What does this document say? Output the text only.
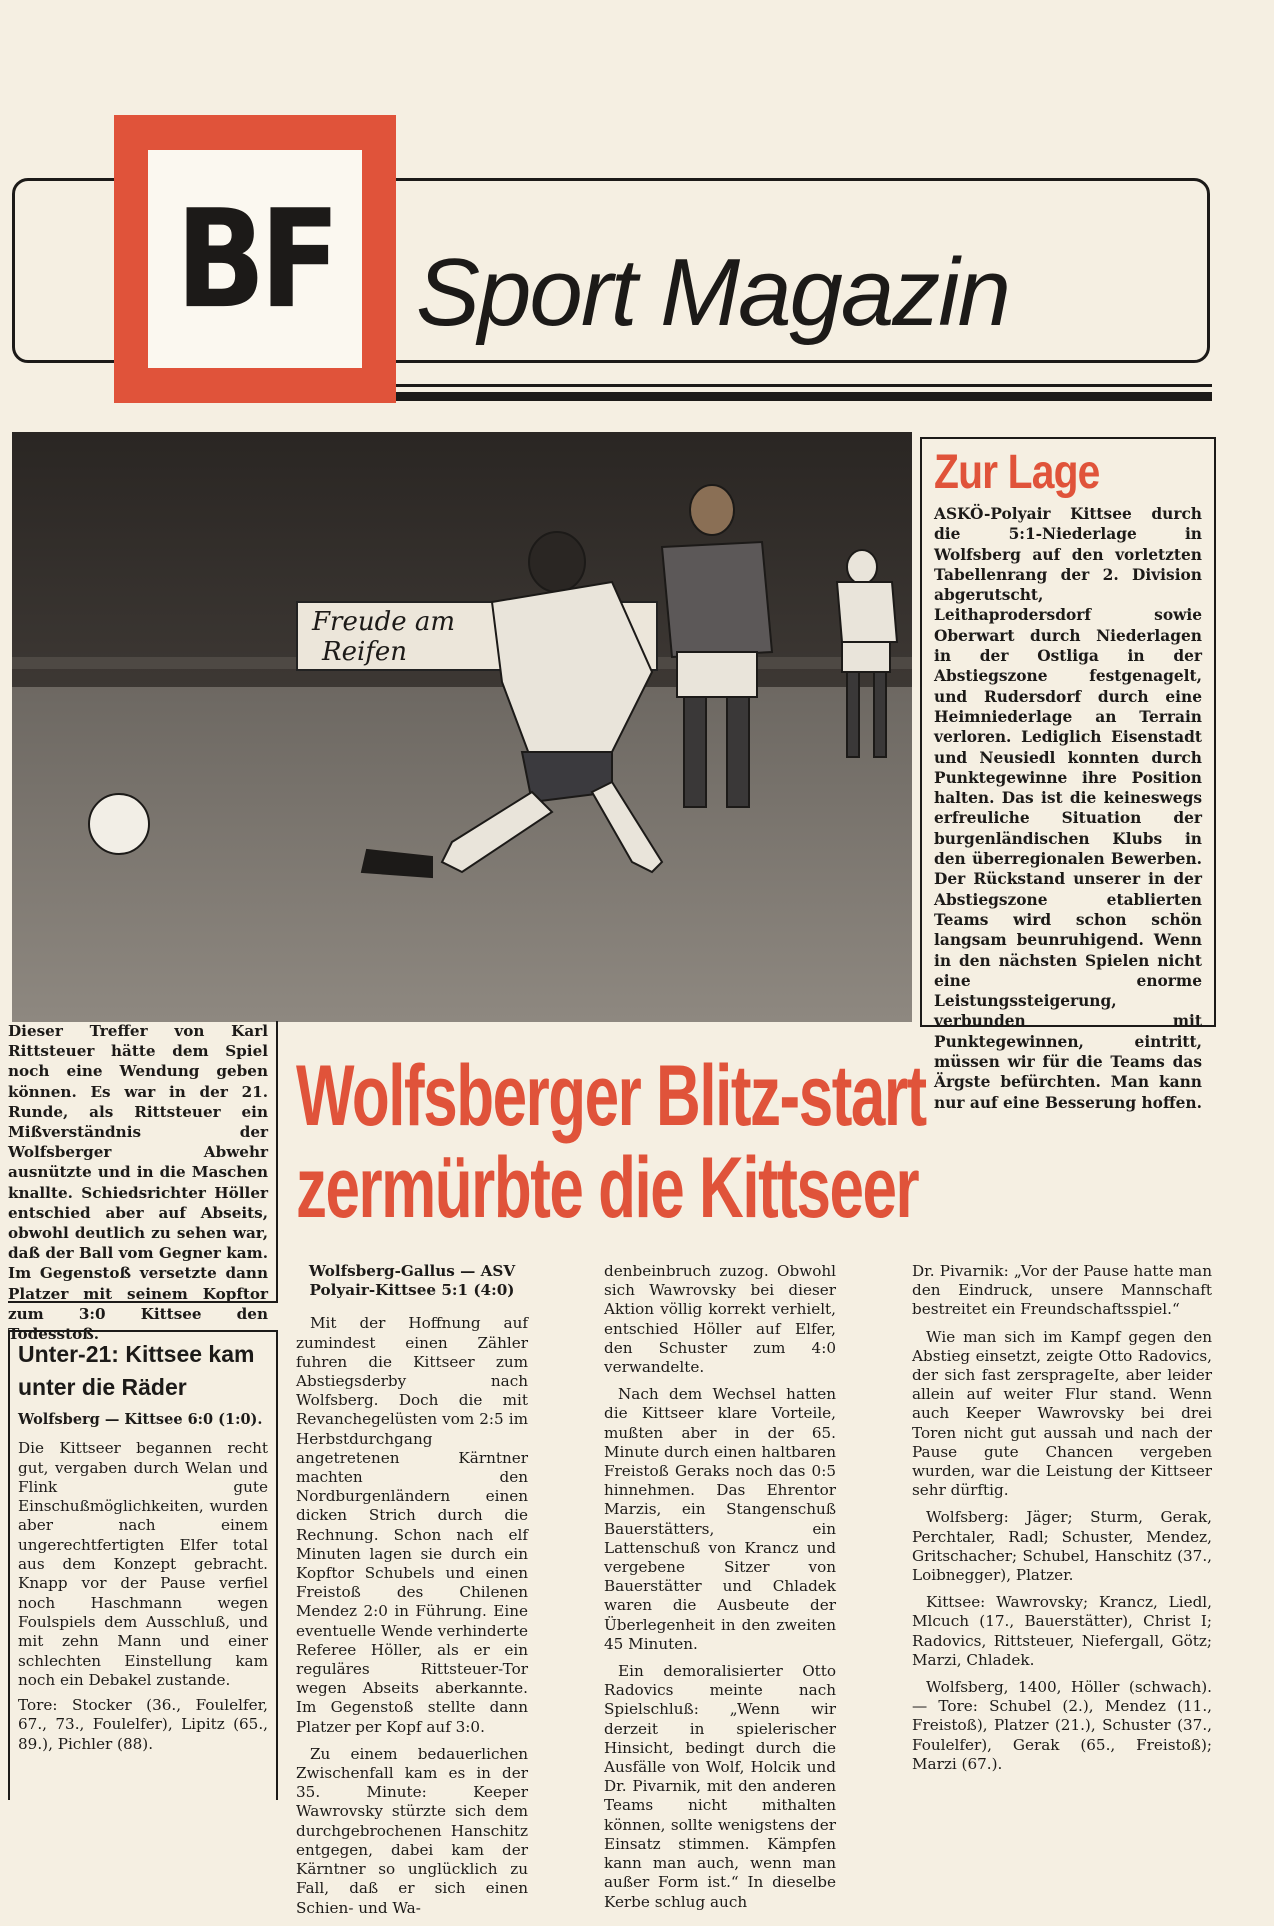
BF Sport Magazin
Freude am
Reifen
Zur Lage

ASKÖ-Polyair Kittsee durch die 5:1-Niederlage in Wolfsberg auf den vorletzten Tabellenrang der 2. Division abgerutscht, Leithaprodersdorf sowie Oberwart durch Niederlagen in der Ostliga in der Abstiegszone festgenagelt, und Rudersdorf durch eine Heimniederlage an Terrain verloren. Lediglich Eisenstadt und Neusiedl konnten durch Punktegewinne ihre Position halten. Das ist die keineswegs erfreuliche Situation der burgenländischen Klubs in den überregionalen Bewerben. Der Rückstand unserer in der Abstiegszone etablierten Teams wird schon schön langsam beunruhigend. Wenn in den nächsten Spielen nicht eine enorme Leistungssteigerung, verbunden mit Punktegewinnen, eintritt, müssen wir für die Teams das Ärgste befürchten. Man kann nur auf eine Besserung hoffen.

Dieser Treffer von Karl Rittsteuer hätte dem Spiel noch eine Wendung geben können. Es war in der 21. Runde, als Rittsteuer ein Mißverständnis der Wolfsberger Abwehr ausnützte und in die Maschen knallte. Schiedsrichter Höller entschied aber auf Abseits, obwohl deutlich zu sehen war, daß der Ball vom Gegner kam. Im Gegenstoß versetzte dann Platzer mit seinem Kopftor zum 3:0 Kittsee den Todesstoß.

Wolfsberger Blitz-start
zermürbte die Kittseer
Unter-21: Kittsee kam unter die Räder

Wolfsberg — Kittsee 6:0 (1:0).

Die Kittseer begannen recht gut, vergaben durch Welan und Flink gute Einschußmöglichkeiten, wurden aber nach einem ungerechtfertigten Elfer total aus dem Konzept gebracht. Knapp vor der Pause verfiel noch Haschmann wegen Foulspiels dem Ausschluß, und mit zehn Mann und einer schlechten Einstellung kam noch ein Debakel zustande.

Tore: Stocker (36., Foulelfer, 67., 73., Foulelfer), Lipitz (65., 89.), Pichler (88).

Wolfsberg-Gallus — ASV Polyair-Kittsee 5:1 (4:0)

Mit der Hoffnung auf zumindest einen Zähler fuhren die Kittseer zum Abstiegsderby nach Wolfsberg. Doch die mit Revanchegelüsten vom 2:5 im Herbstdurchgang angetretenen Kärntner machten den Nordburgenländern einen dicken Strich durch die Rechnung. Schon nach elf Minuten lagen sie durch ein Kopftor Schubels und einen Freistoß des Chilenen Mendez 2:0 in Führung. Eine eventuelle Wende verhinderte Referee Höller, als er ein reguläres Rittsteuer-Tor wegen Abseits aberkannte. Im Gegenstoß stellte dann Platzer per Kopf auf 3:0.

Zu einem bedauerlichen Zwischenfall kam es in der 35. Minute: Keeper Wawrovsky stürzte sich dem durchgebrochenen Hanschitz entgegen, dabei kam der Kärntner so unglücklich zu Fall, daß er sich einen Schien- und Wa-

denbeinbruch zuzog. Obwohl sich Wawrovsky bei dieser Aktion völlig korrekt verhielt, entschied Höller auf Elfer, den Schuster zum 4:0 verwandelte.

Nach dem Wechsel hatten die Kittseer klare Vorteile, mußten aber in der 65. Minute durch einen haltbaren Freistoß Geraks noch das 0:5 hinnehmen. Das Ehrentor Marzis, ein Stangenschuß Bauerstätters, ein Lattenschuß von Krancz und vergebene Sitzer von Bauerstätter und Chladek waren die Ausbeute der Überlegenheit in den zweiten 45 Minuten.

Ein demoralisierter Otto Radovics meinte nach Spielschluß: „Wenn wir derzeit in spielerischer Hinsicht, bedingt durch die Ausfälle von Wolf, Holcik und Dr. Pivarnik, mit den anderen Teams nicht mithalten können, sollte wenigstens der Einsatz stimmen. Kämpfen kann man auch, wenn man außer Form ist.“ In dieselbe Kerbe schlug auch

Dr. Pivarnik: „Vor der Pause hatte man den Eindruck, unsere Mannschaft bestreitet ein Freundschaftsspiel.“

Wie man sich im Kampf gegen den Abstieg einsetzt, zeigte Otto Radovics, der sich fast zersprageIte, aber leider allein auf weiter Flur stand. Wenn auch Keeper Wawrovsky bei drei Toren nicht gut aussah und nach der Pause gute Chancen vergeben wurden, war die Leistung der Kittseer sehr dürftig.

Wolfsberg: Jäger; Sturm, Gerak, Perchtaler, Radl; Schuster, Mendez, Gritschacher; Schubel, Hanschitz (37., Loibnegger), Platzer.

Kittsee: Wawrovsky; Krancz, Liedl, Mlcuch (17., Bauerstätter), Christ I; Radovics, Rittsteuer, Niefergall, Götz; Marzi, Chladek.

Wolfsberg, 1400, Höller (schwach). — Tore: Schubel (2.), Mendez (11., Freistoß), Platzer (21.), Schuster (37., Foulelfer), Gerak (65., Freistoß); Marzi (67.).
